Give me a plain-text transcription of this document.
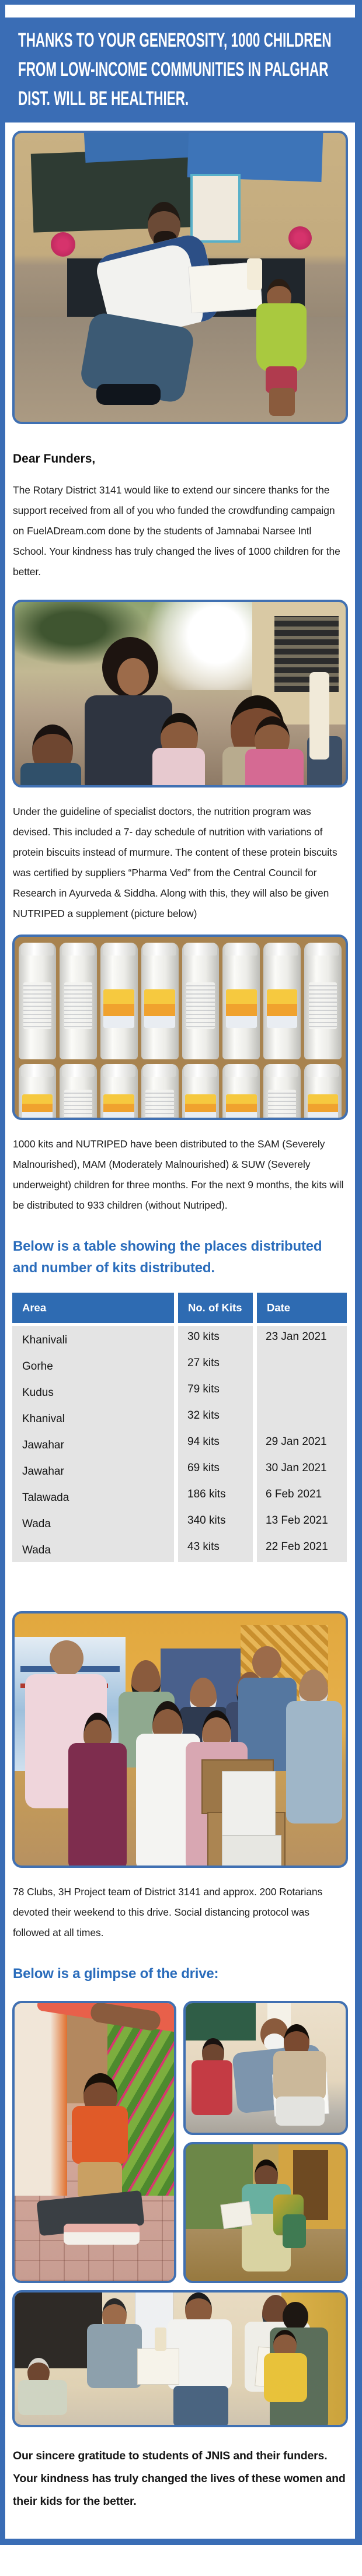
THANKS TO YOUR GENEROSITY, 1000 CHILDREN
FROM LOW-INCOME COMMUNITIES IN PALGHAR
DIST. WILL BE HEALTHIER.
Dear Funders,

The Rotary District 3141 would like to extend our sincere thanks for the support received from all of you who funded the crowdfunding campaign on FuelADream.com done by the students of Jamnabai Narsee Intl School. Your kindness has truly changed the lives of 1000 children for the better.

Under the guideline of specialist doctors, the nutrition program was devised. This included a 7- day schedule of nutrition with variations of protein biscuits instead of murmure. The content of these protein biscuits was certified by suppliers “Pharma Ved” from the Central Council for Research in Ayurveda & Siddha. Along with this, they will also be given NUTRIPED a supplement (picture below)

1000 kits and NUTRIPED have been distributed to the SAM (Severely Malnourished), MAM (Moderately Malnourished) & SUW (Severely underweight) children for three months. For the next 9 months, the kits will be distributed to 933 children (without Nutriped).

Below is a table showing the places distributed and number of kits distributed.
Area	No. of Kits	Date
Khanivali	30 kits	23 Jan 2021
Gorhe	27 kits
Kudus	79 kits
Khanival	32 kits
Jawahar	94 kits	29 Jan 2021
Jawahar	69 kits	30 Jan 2021
Talawada	186 kits	6 Feb 2021
Wada	340 kits	13 Feb 2021
Wada	43 kits	22 Feb 2021

78 Clubs, 3H Project team of District 3141 and approx. 200 Rotarians devoted their weekend to this drive. Social distancing protocol was followed at all times.

Below is a glimpse of the drive:

Our sincere gratitude to students of JNIS and their funders. Your kindness has truly changed the lives of these women and their kids for the better.
